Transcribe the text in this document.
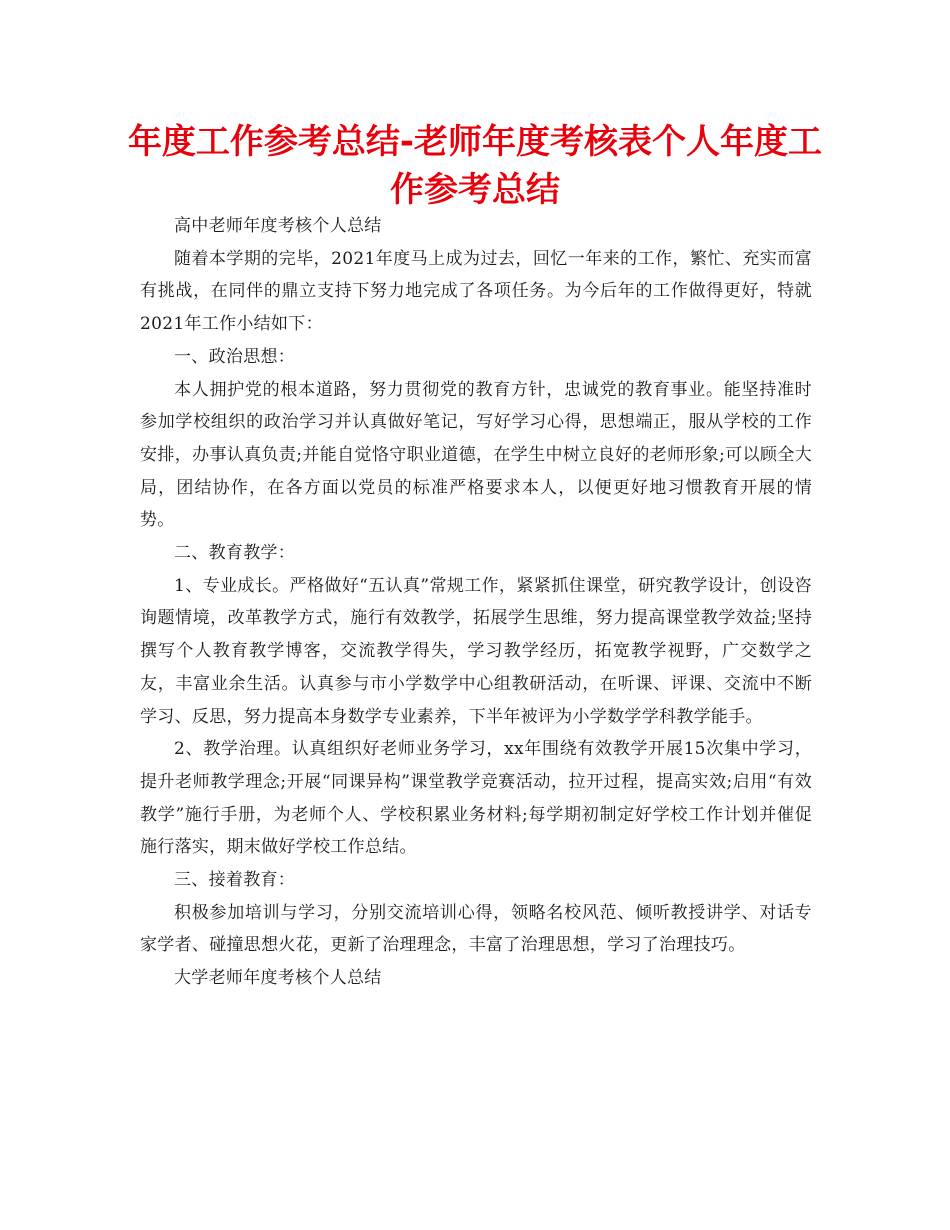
年度工作参考总结-老师年度考核表个人年度工作参考总结

高中老师年度考核个人总结

随着本学期的完毕，2021年度马上成为过去，回忆一年来的工作，繁忙、充实而富有挑战，在同伴的鼎立支持下努力地完成了各项任务。为今后年的工作做得更好，特就2021年工作小结如下：

一、政治思想：

本人拥护党的根本道路，努力贯彻党的教育方针，忠诚党的教育事业。能坚持准时参加学校组织的政治学习并认真做好笔记，写好学习心得，思想端正，服从学校的工作安排，办事认真负责;并能自觉恪守职业道德，在学生中树立良好的老师形象;可以顾全大局，团结协作，在各方面以党员的标准严格要求本人，以便更好地习惯教育开展的情势。

二、教育教学：

1、专业成长。严格做好“五认真”常规工作，紧紧抓住课堂，研究教学设计，创设咨询题情境，改革教学方式，施行有效教学，拓展学生思维，努力提高课堂教学效益;坚持撰写个人教育教学博客，交流教学得失，学习教学经历，拓宽教学视野，广交数学之友，丰富业余生活。认真参与市小学数学中心组教研活动，在听课、评课、交流中不断学习、反思，努力提高本身数学专业素养，下半年被评为小学数学学科教学能手。

2、教学治理。认真组织好老师业务学习，xx年围绕有效教学开展15次集中学习，提升老师教学理念;开展“同课异构”课堂教学竞赛活动，拉开过程，提高实效;启用“有效教学”施行手册，为老师个人、学校积累业务材料;每学期初制定好学校工作计划并催促施行落实，期末做好学校工作总结。

三、接着教育：

积极参加培训与学习，分别交流培训心得，领略名校风范、倾听教授讲学、对话专家学者、碰撞思想火花，更新了治理理念，丰富了治理思想，学习了治理技巧。

大学老师年度考核个人总结
